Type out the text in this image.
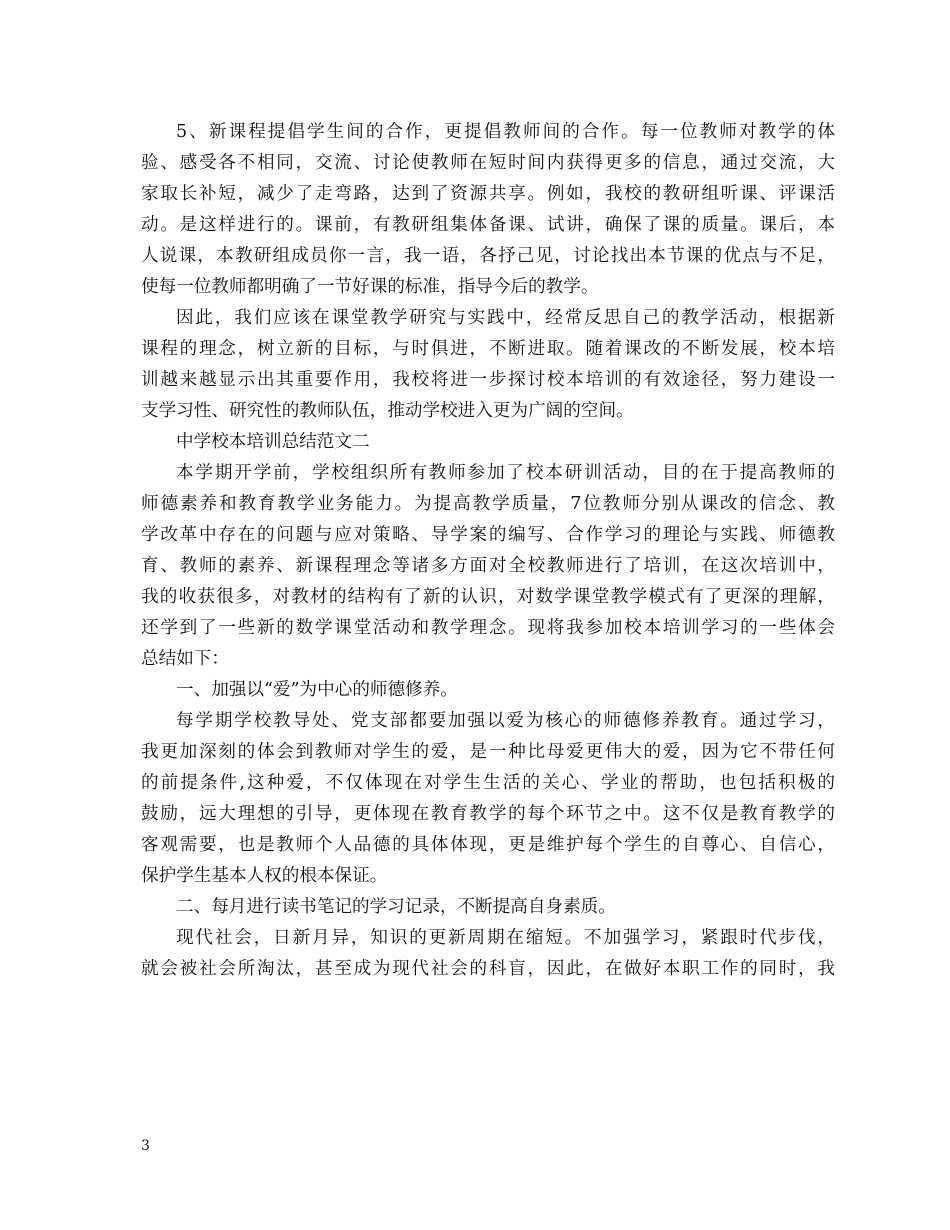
5、新课程提倡学生间的合作，更提倡教师间的合作。每一位教师对教学的体
验、感受各不相同，交流、讨论使教师在短时间内获得更多的信息，通过交流，大
家取长补短，减少了走弯路，达到了资源共享。例如，我校的教研组听课、评课活
动。是这样进行的。课前，有教研组集体备课、试讲，确保了课的质量。课后，本
人说课，本教研组成员你一言，我一语，各抒己见，讨论找出本节课的优点与不足，
使每一位教师都明确了一节好课的标准，指导今后的教学。
因此，我们应该在课堂教学研究与实践中，经常反思自己的教学活动，根据新
课程的理念，树立新的目标，与时俱进，不断进取。随着课改的不断发展，校本培
训越来越显示出其重要作用，我校将进一步探讨校本培训的有效途径，努力建设一
支学习性、研究性的教师队伍，推动学校进入更为广阔的空间。
中学校本培训总结范文二
本学期开学前，学校组织所有教师参加了校本研训活动，目的在于提高教师的
师德素养和教育教学业务能力。为提高教学质量，7位教师分别从课改的信念、教
学改革中存在的问题与应对策略、导学案的编写、合作学习的理论与实践、师德教
育、教师的素养、新课程理念等诸多方面对全校教师进行了培训，在这次培训中，
我的收获很多，对教材的结构有了新的认识，对数学课堂教学模式有了更深的理解，
还学到了一些新的数学课堂活动和教学理念。现将我参加校本培训学习的一些体会
总结如下：
一、加强以“爱”为中心的师德修养。
每学期学校教导处、党支部都要加强以爱为核心的师德修养教育。通过学习，
我更加深刻的体会到教师对学生的爱，是一种比母爱更伟大的爱，因为它不带任何
的前提条件,这种爱，不仅体现在对学生生活的关心、学业的帮助，也包括积极的
鼓励，远大理想的引导，更体现在教育教学的每个环节之中。这不仅是教育教学的
客观需要，也是教师个人品德的具体体现，更是维护每个学生的自尊心、自信心，
保护学生基本人权的根本保证。
二、每月进行读书笔记的学习记录，不断提高自身素质。
现代社会，日新月异，知识的更新周期在缩短。不加强学习，紧跟时代步伐，
就会被社会所淘汰，甚至成为现代社会的科盲，因此，在做好本职工作的同时，我
3
